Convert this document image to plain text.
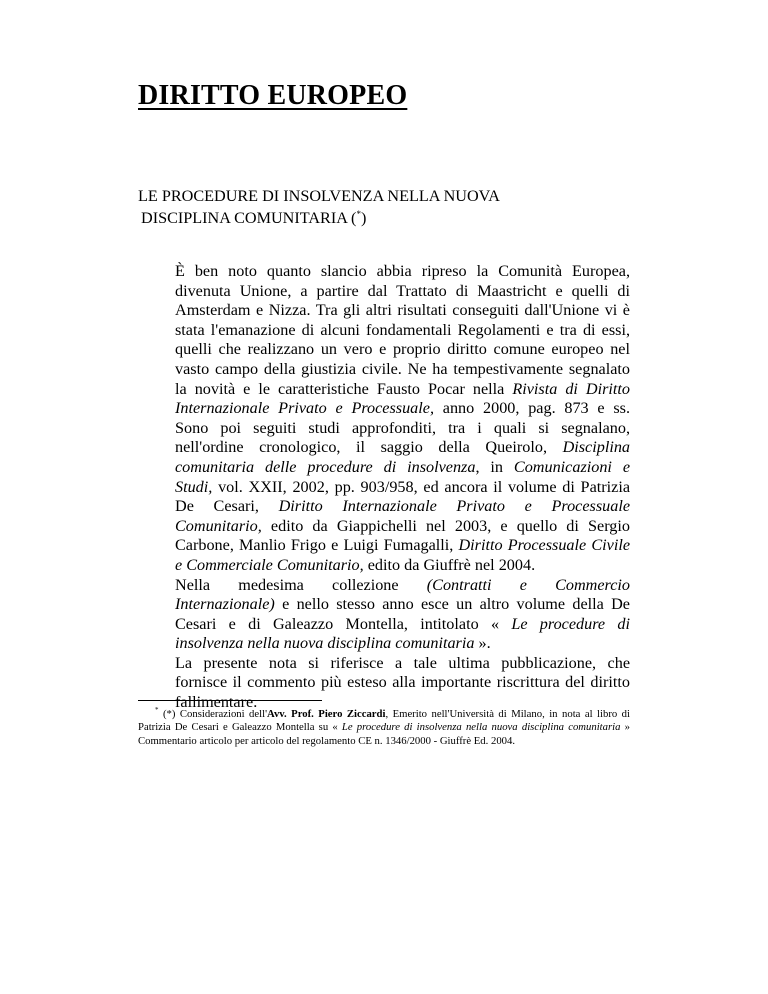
DIRITTO EUROPEO
LE PROCEDURE DI INSOLVENZA NELLA NUOVA
DISCIPLINA COMUNITARIA (*)

È ben noto quanto slancio abbia ripreso la Comunità Europea,
divenuta Unione, a partire dal Trattato di Maastricht e quelli di
Amsterdam e Nizza. Tra gli altri risultati conseguiti dall'Unione vi è
stata l'emanazione di alcuni fondamentali Regolamenti e tra di essi,
quelli che realizzano un vero e proprio diritto comune europeo nel
vasto campo della giustizia civile. Ne ha tempestivamente segnalato
la novità e le caratteristiche Fausto Pocar nella Rivista di Diritto
Internazionale Privato e Processuale, anno 2000, pag. 873 e ss.
Sono poi seguiti studi approfonditi, tra i quali si segnalano,
nell'ordine cronologico, il saggio della Queirolo, Disciplina
comunitaria delle procedure di insolvenza, in Comunicazioni e
Studi, vol. XXII, 2002, pp. 903/958, ed ancora il volume di Patrizia
De Cesari, Diritto Internazionale Privato e Processuale
Comunitario, edito da Giappichelli nel 2003, e quello di Sergio
Carbone, Manlio Frigo e Luigi Fumagalli, Diritto Processuale Civile
e Commerciale Comunitario, edito da Giuffrè nel 2004.

Nella medesima collezione (Contratti e Commercio
Internazionale) e nello stesso anno esce un altro volume della De
Cesari e di Galeazzo Montella, intitolato « Le procedure di
insolvenza nella nuova disciplina comunitaria ».

La presente nota si riferisce a tale ultima pubblicazione, che
fornisce il commento più esteso alla importante riscrittura del diritto
fallimentare.

* (*) Considerazioni dell'Avv. Prof. Piero Ziccardi, Emerito nell'Università di Milano, in nota al libro di Patrizia De Cesari e Galeazzo Montella su « Le procedure di insolvenza nella nuova disciplina comunitaria » Commentario articolo per articolo del regolamento CE n. 1346/2000 - Giuffrè Ed. 2004.
